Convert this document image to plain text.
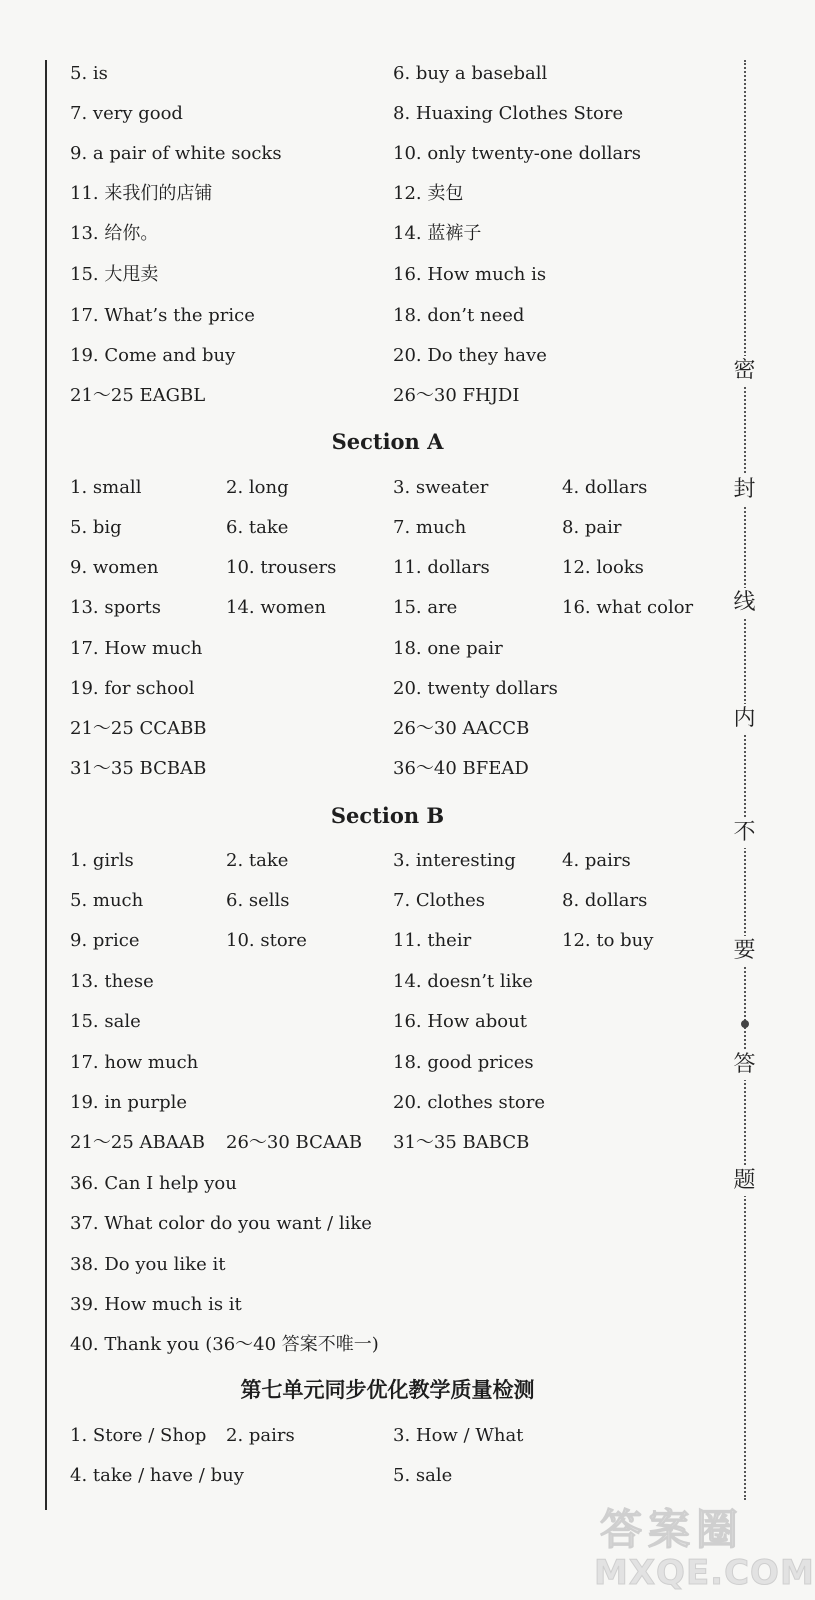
密
封
线
内
不
要
答
题
5. is	6. buy a baseball
7. very good	8. Huaxing Clothes Store
9. a pair of white socks	10. only twenty-one dollars
11. 来我们的店铺	12. 卖包
13. 给你。	14. 蓝裤子
15. 大甩卖	16. How much is
17. What’s the price	18. don’t need
19. Come and buy	20. Do they have
21～25 EAGBL	26～30 FHJDI
Section A
1. small	2. long	3. sweater	4. dollars
5. big	6. take	7. much	8. pair
9. women	10. trousers	11. dollars	12. looks
13. sports	14. women	15. are	16. what color
17. How much	18. one pair
19. for school	20. twenty dollars
21～25 CCABB	26～30 AACCB
31～35 BCBAB	36～40 BFEAD
Section B
1. girls	2. take	3. interesting	4. pairs
5. much	6. sells	7. Clothes	8. dollars
9. price	10. store	11. their	12. to buy
13. these	14. doesn’t like
15. sale	16. How about
17. how much	18. good prices
19. in purple	20. clothes store
21～25 ABAAB 26～30 BCAAB 31～35 BABCB
36. Can I help you
37. What color do you want / like
38. Do you like it
39. How much is it
40. Thank you (36～40 答案不唯一)
第七单元同步优化教学质量检测
1. Store / Shop 2. pairs	3. How / What
4. take / have / buy	5. sale
答案圈
MXQE.COM
